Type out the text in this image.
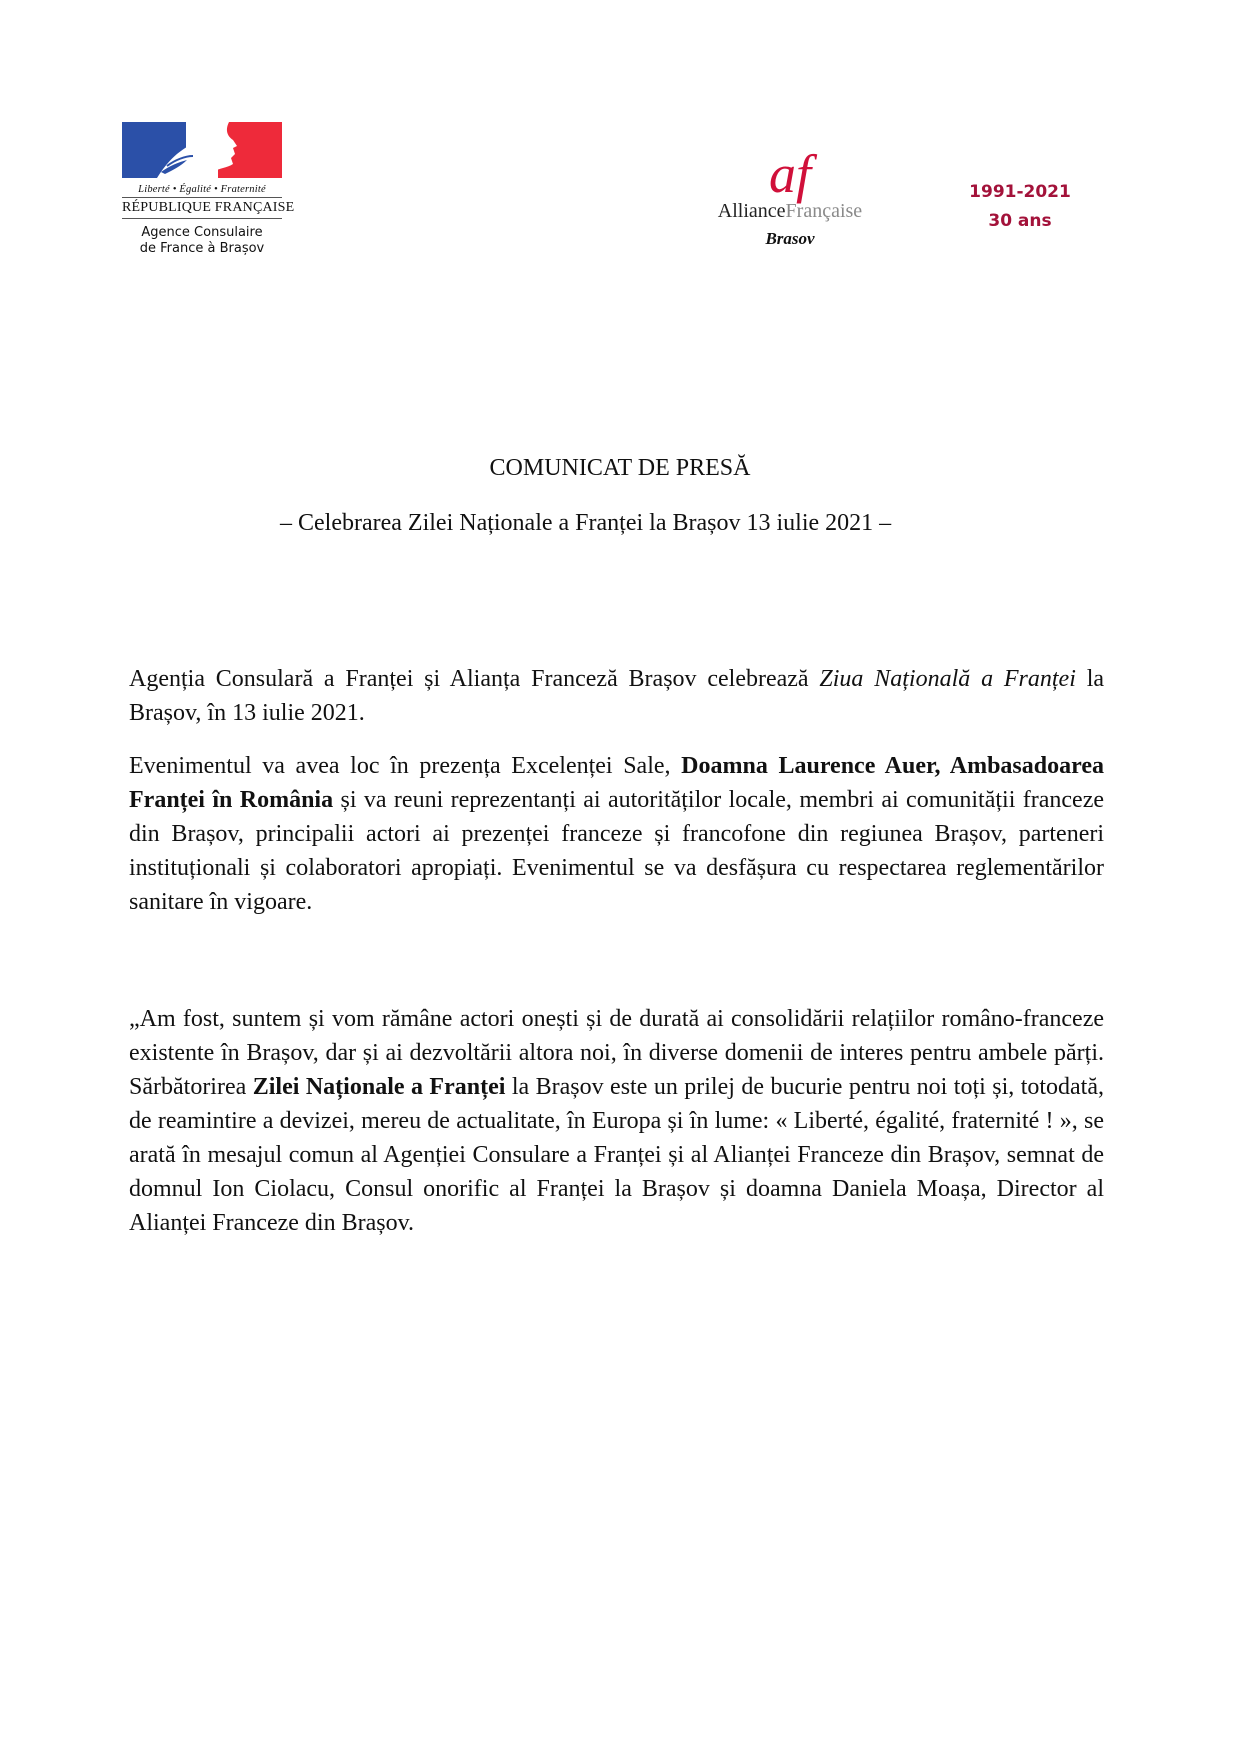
Liberté • Égalité • Fraternité
RÉPUBLIQUE FRANÇAISE
Agence Consulaire
de France à Brașov
af
AllianceFrançaise
Brasov
1991-2021
30 ans
COMUNICAT DE PRESĂ
– Celebrarea Zilei Naționale a Franței la Brașov 13 iulie 2021 –

Agenția Consulară a Franței și Alianța Franceză Brașov celebrează Ziua Națională a Franței la Brașov, în 13 iulie 2021.

Evenimentul va avea loc în prezența Excelenței Sale, Doamna Laurence Auer, Ambasadoarea Franței în România și va reuni reprezentanți ai autorităților locale, membri ai comunității franceze din Brașov, principalii actori ai prezenței franceze și francofone din regiunea Brașov, parteneri instituționali și colaboratori apropiați. Evenimentul se va desfășura cu respectarea reglementărilor sanitare în vigoare.

„Am fost, suntem și vom rămâne actori onești și de durată ai consolidării relațiilor româno-franceze existente în Brașov, dar și ai dezvoltării altora noi, în diverse domenii de interes pentru ambele părți. Sărbătorirea Zilei Naționale a Franței la Brașov este un prilej de bucurie pentru noi toți și, totodată, de reamintire a devizei, mereu de actualitate, în Europa și în lume: « Liberté, égalité, fraternité ! », se arată în mesajul comun al Agenției Consulare a Franței și al Alianței Franceze din Brașov, semnat de domnul Ion Ciolacu, Consul onorific al Franței la Brașov și doamna Daniela Moașa, Director al Alianței Franceze din Brașov.
